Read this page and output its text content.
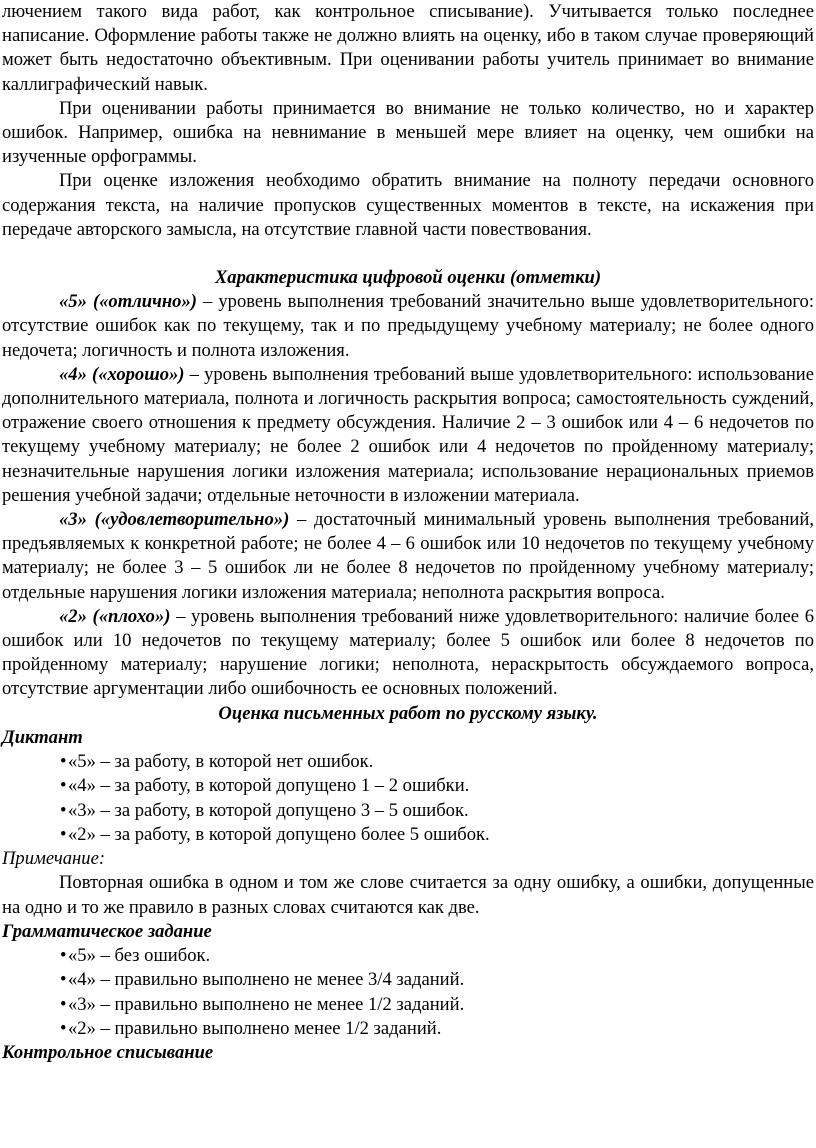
лючением такого вида работ, как контрольное списывание). Учитывается только последнее написание. Оформление работы также не должно влиять на оценку, ибо в таком случае проверяющий может быть недостаточно объективным. При оценивании работы учитель принимает во внимание каллиграфический навык.

При оценивании работы принимается во внимание не только количество, но и характер ошибок. Например, ошибка на невнимание в меньшей мере влияет на оценку, чем ошибки на изученные орфограммы.

При оценке изложения необходимо обратить внимание на полноту передачи основного содержания текста, на наличие пропусков существенных моментов в тексте, на искажения при передаче авторского замысла, на отсутствие главной части повествования.

Характеристика цифровой оценки (отметки)

«5» («отлично») – уровень выполнения требований значительно выше удовлетворительного: отсутствие ошибок как по текущему, так и по предыдущему учебному материалу; не более одного недочета; логичность и полнота изложения.

«4» («хорошо») – уровень выполнения требований выше удовлетворительного: использование дополнительного материала, полнота и логичность раскрытия вопроса; самостоятельность суждений, отражение своего отношения к предмету обсуждения. Наличие 2 – 3 ошибок или 4 – 6 недочетов по текущему учебному материалу; не более 2 ошибок или 4 недочетов по пройденному материалу; незначительные нарушения логики изложения материала; использование нерациональных приемов решения учебной задачи; отдельные неточности в изложении материала.

«3» («удовлетворительно») – достаточный минимальный уровень выполнения требований, предъявляемых к конкретной работе; не более 4 – 6 ошибок или 10 недочетов по текущему учебному материалу; не более 3 – 5 ошибок ли не более 8 недочетов по пройденному учебному материалу; отдельные нарушения логики изложения материала; неполнота раскрытия вопроса.

«2» («плохо») – уровень выполнения требований ниже удовлетворительного: наличие более 6 ошибок или 10 недочетов по текущему материалу; более 5 ошибок или более 8 недочетов по пройденному материалу; нарушение логики; неполнота, нераскрытость обсуждаемого вопроса, отсутствие аргументации либо ошибочность ее основных положений.

Оценка письменных работ по русскому языку.

Диктант

•«5» – за работу, в которой нет ошибок.
•«4» – за работу, в которой допущено 1 – 2 ошибки.
•«3» – за работу, в которой допущено 3 – 5 ошибок.
•«2» – за работу, в которой допущено более 5 ошибок.

Примечание:

Повторная ошибка в одном и том же слове считается за одну ошибку, а ошибки, допущенные на одно и то же правило в разных словах считаются как две.

Грамматическое задание

•«5» – без ошибок.
•«4» – правильно выполнено не менее 3/4 заданий.
•«3» – правильно выполнено не менее 1/2 заданий.
•«2» – правильно выполнено менее 1/2 заданий.

Контрольное списывание
